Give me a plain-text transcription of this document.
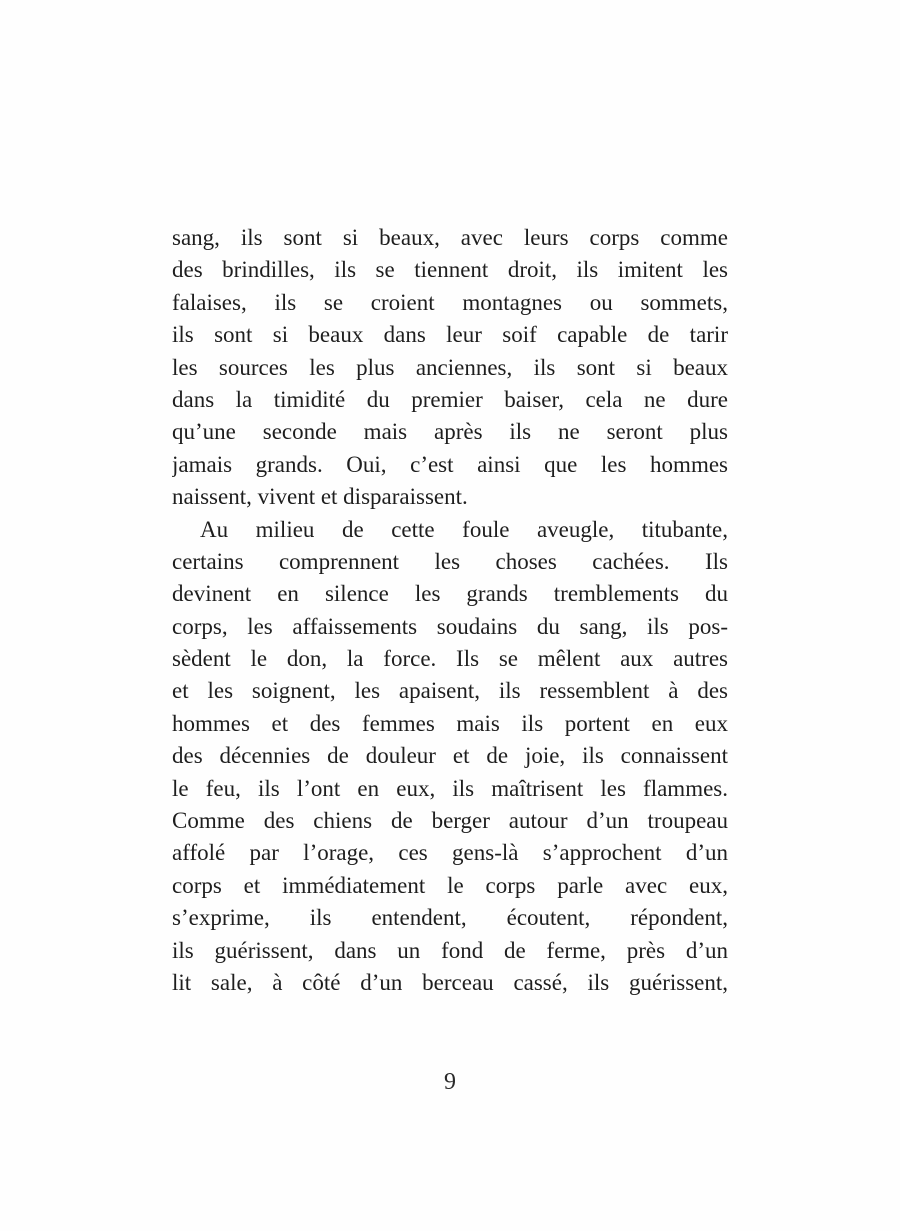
sang, ils sont si beaux, avec leurs corps comme
des brindilles, ils se tiennent droit, ils imitent les
falaises, ils se croient montagnes ou sommets,
ils sont si beaux dans leur soif capable de tarir
les sources les plus anciennes, ils sont si beaux
dans la timidité du premier baiser, cela ne dure
qu’une seconde mais après ils ne seront plus
jamais grands. Oui, c’est ainsi que les hommes
naissent, vivent et disparaissent.
Au milieu de cette foule aveugle, titubante,
certains comprennent les choses cachées. Ils
devinent en silence les grands tremblements du
corps, les affaissements soudains du sang, ils pos-
sèdent le don, la force. Ils se mêlent aux autres
et les soignent, les apaisent, ils ressemblent à des
hommes et des femmes mais ils portent en eux
des décennies de douleur et de joie, ils connaissent
le feu, ils l’ont en eux, ils maîtrisent les flammes.
Comme des chiens de berger autour d’un troupeau
affolé par l’orage, ces gens-là s’approchent d’un
corps et immédiatement le corps parle avec eux,
s’exprime, ils entendent, écoutent, répondent,
ils guérissent, dans un fond de ferme, près d’un
lit sale, à côté d’un berceau cassé, ils guérissent,
9
